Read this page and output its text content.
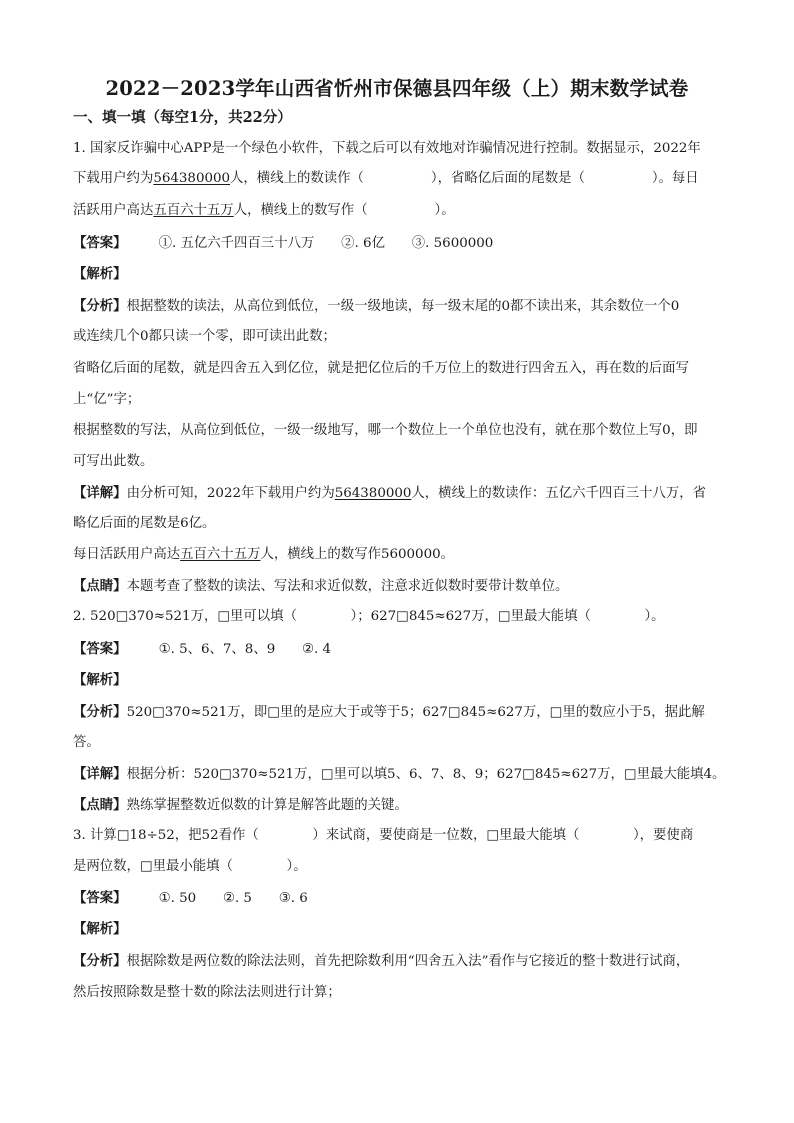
2022－2023学年山西省忻州市保德县四年级（上）期末数学试卷
一、填一填（每空1分，共22分）
1. 国家反诈骗中心APP是一个绿色小软件，下载之后可以有效地对诈骗情况进行控制。数据显示，2022年
下载用户约为564380000人，横线上的数读作（　　　　　），省略亿后面的尾数是（　　　　　）。每日
活跃用户高达五百六十五万人，横线上的数写作（　　　　　）。
【答案】 ①. 五亿六千四百三十八万　　②. 6亿　　③. 5600000
【解析】
【分析】根据整数的读法，从高位到低位，一级一级地读，每一级末尾的0都不读出来，其余数位一个0
或连续几个0都只读一个零，即可读出此数；
省略亿后面的尾数，就是四舍五入到亿位，就是把亿位后的千万位上的数进行四舍五入，再在数的后面写
上“亿”字；
根据整数的写法，从高位到低位，一级一级地写，哪一个数位上一个单位也没有，就在那个数位上写0，即
可写出此数。
【详解】由分析可知，2022年下载用户约为564380000人，横线上的数读作：五亿六千四百三十八万，省
略亿后面的尾数是6亿。
每日活跃用户高达五百六十五万人，横线上的数写作5600000。
【点睛】本题考查了整数的读法、写法和求近似数，注意求近似数时要带计数单位。
2. 520□370≈521万，□里可以填（　　　　）；627□845≈627万，□里最大能填（　　　　）。
【答案】 ①. 5、6、7、8、9　　②. 4
【解析】
【分析】520□370≈521万，即□里的是应大于或等于5；627□845≈627万，□里的数应小于5，据此解
答。
【详解】根据分析：520□370≈521万，□里可以填5、6、7、8、9；627□845≈627万，□里最大能填4。
【点睛】熟练掌握整数近似数的计算是解答此题的关键。
3. 计算□18÷52，把52看作（　　　　）来试商，要使商是一位数，□里最大能填（　　　　），要使商
是两位数，□里最小能填（　　　　）。
【答案】 ①. 50　　②. 5　　③. 6
【解析】
【分析】根据除数是两位数的除法法则，首先把除数利用“四舍五入法”看作与它接近的整十数进行试商，
然后按照除数是整十数的除法法则进行计算；
